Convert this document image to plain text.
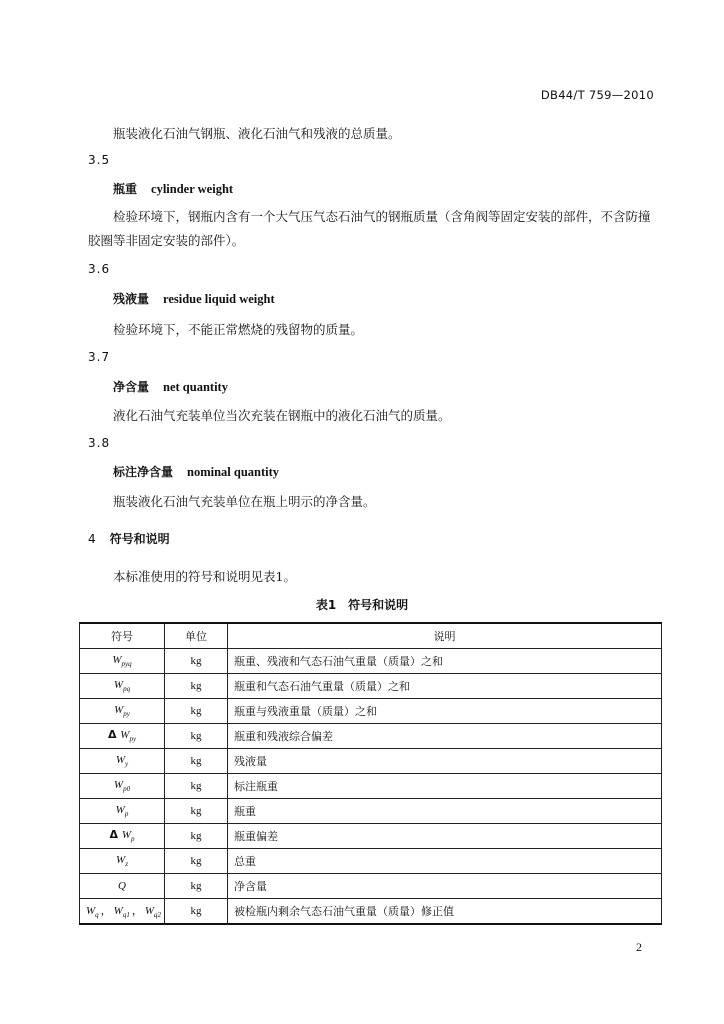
DB44/T 759—2010
瓶装液化石油气钢瓶、液化石油气和残液的总质量。
3.5
瓶重 cylinder weight
检验环境下，钢瓶内含有一个大气压气态石油气的钢瓶质量（含角阀等固定安装的部件，不含防撞胶圈等非固定安装的部件）。
3.6
残液量 residue liquid weight
检验环境下，不能正常燃烧的残留物的质量。
3.7
净含量 net quantity
液化石油气充装单位当次充装在钢瓶中的液化石油气的质量。
3.8
标注净含量 nominal quantity
瓶装液化石油气充装单位在瓶上明示的净含量。
4 符号和说明
本标准使用的符号和说明见表1。
表1　符号和说明
符号	单位	说明
$W_{pyq}$	kg	瓶重、残液和气态石油气重量（质量）之和
$W_{pq}$	kg	瓶重和气态石油气重量（质量）之和
$W_{py}$	kg	瓶重与残液重量（质量）之和
Δ $W_{py}$	kg	瓶重和残液综合偏差
$W_y$	kg	残液量
$W_{p0}$	kg	标注瓶重
$W_p$	kg	瓶重
Δ $W_p$	kg	瓶重偏差
$W_z$	kg	总重
Q	kg	净含量
$W_q$ ， $W_{q1}$ ， $W_{q2}$	kg	被检瓶内剩余气态石油气重量（质量）修正值
2
